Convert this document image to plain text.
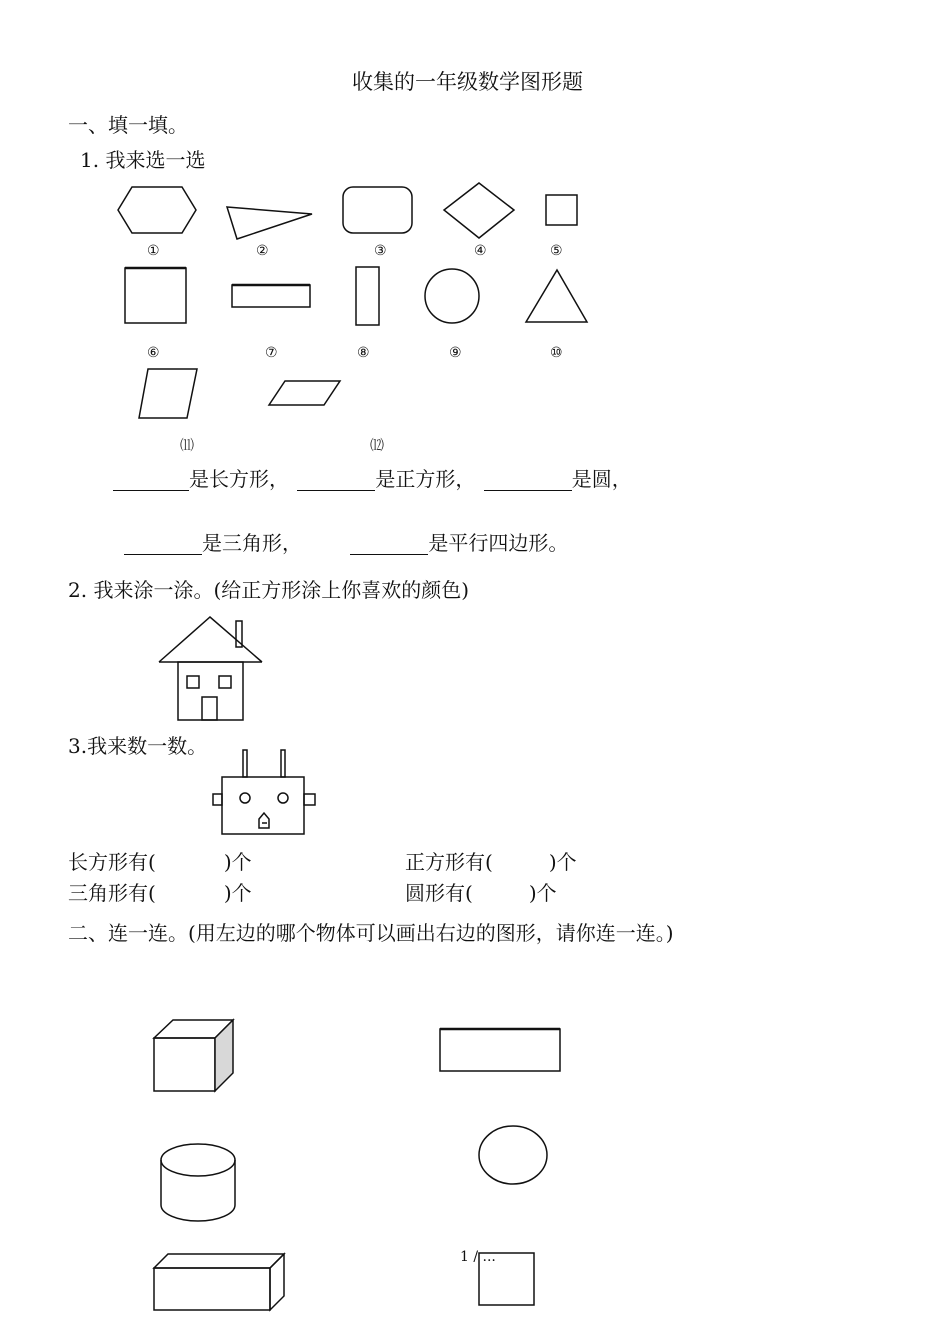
收集的一年级数学图形题
一、填一填。
1. 我来选一选
①	②	③	④	⑤
⑥	⑦	⑧	⑨	⑩
⑾	⑿
是长方形，	是正方形，	是圆，
是三角形，	是平行四边形。
2. 我来涂一涂。(给正方形涂上你喜欢的颜色)
3.我来数一数。
长方形有(	)个	正方形有(	)个
三角形有(	)个	圆形有(	)个
二、连一连。(用左边的哪个物体可以画出右边的图形，请你连一连。)
1 / ...
